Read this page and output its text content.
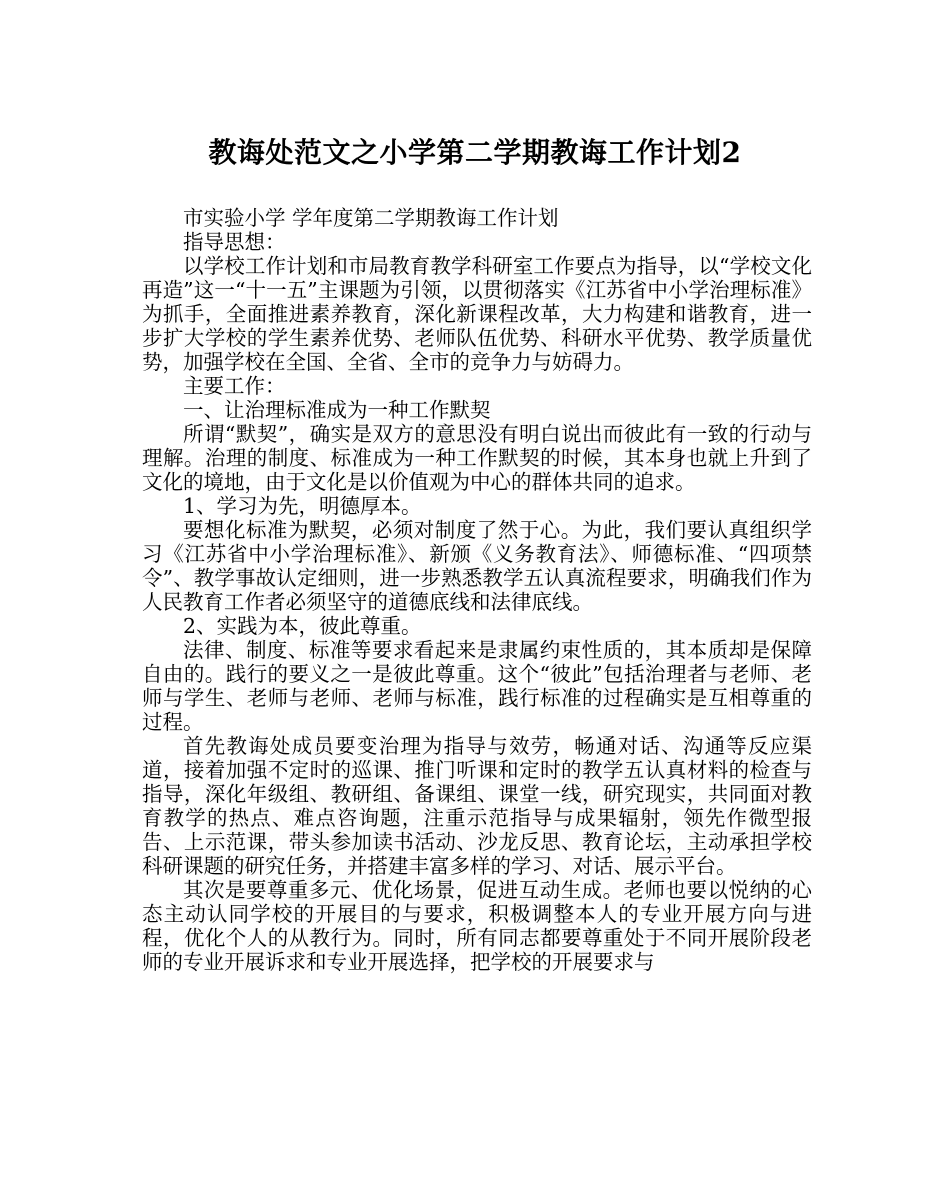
教诲处范文之小学第二学期教诲工作计划2

市实验小学 学年度第二学期教诲工作计划

指导思想：

以学校工作计划和市局教育教学科研室工作要点为指导，以“学校文化再造”这一“十一五”主课题为引领，以贯彻落实《江苏省中小学治理标准》为抓手，全面推进素养教育，深化新课程改革，大力构建和谐教育，进一步扩大学校的学生素养优势、老师队伍优势、科研水平优势、教学质量优势，加强学校在全国、全省、全市的竞争力与妨碍力。

主要工作：

一、让治理标准成为一种工作默契

所谓“默契”，确实是双方的意思没有明白说出而彼此有一致的行动与理解。治理的制度、标准成为一种工作默契的时候，其本身也就上升到了文化的境地，由于文化是以价值观为中心的群体共同的追求。

1、学习为先，明德厚本。

要想化标准为默契，必须对制度了然于心。为此，我们要认真组织学习《江苏省中小学治理标准》、新颁《义务教育法》、师德标准、“四项禁令”、教学事故认定细则，进一步熟悉教学五认真流程要求，明确我们作为人民教育工作者必须坚守的道德底线和法律底线。

2、实践为本，彼此尊重。

法律、制度、标准等要求看起来是隶属约束性质的，其本质却是保障自由的。践行的要义之一是彼此尊重。这个“彼此”包括治理者与老师、老师与学生、老师与老师、老师与标准，践行标准的过程确实是互相尊重的过程。

首先教诲处成员要变治理为指导与效劳，畅通对话、沟通等反应渠道，接着加强不定时的巡课、推门听课和定时的教学五认真材料的检查与指导，深化年级组、教研组、备课组、课堂一线，研究现实，共同面对教育教学的热点、难点咨询题，注重示范指导与成果辐射，领先作微型报告、上示范课，带头参加读书活动、沙龙反思、教育论坛，主动承担学校科研课题的研究任务，并搭建丰富多样的学习、对话、展示平台。

其次是要尊重多元、优化场景，促进互动生成。老师也要以悦纳的心态主动认同学校的开展目的与要求，积极调整本人的专业开展方向与进程，优化个人的从教行为。同时，所有同志都要尊重处于不同开展阶段老师的专业开展诉求和专业开展选择，把学校的开展要求与
